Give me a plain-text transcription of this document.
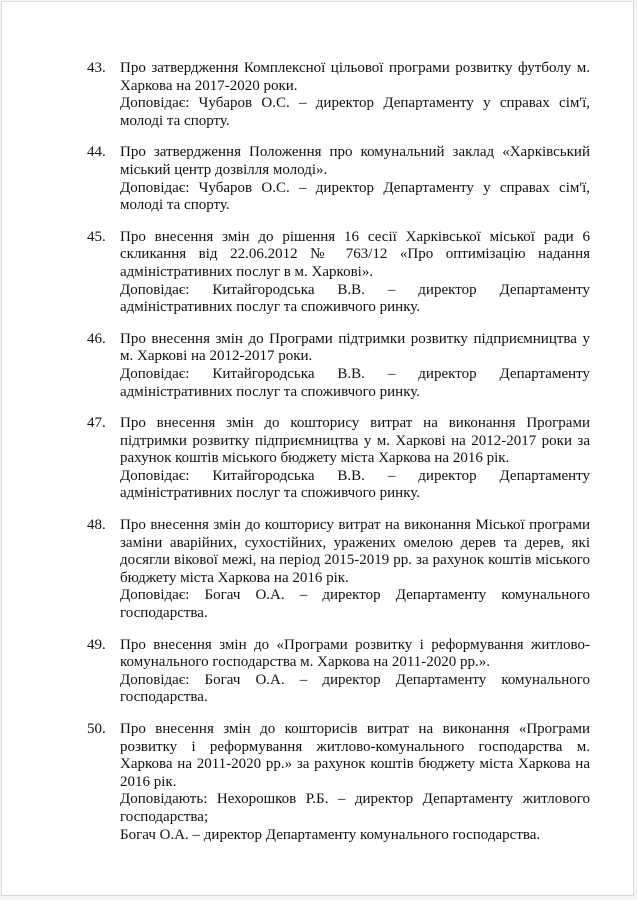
43. Про затвердження Комплексної цільової програми розвитку футболу м. Харкова на 2017-2020 роки.
Доповідає: Чубаров О.С. – директор Департаменту у справах сім'ї, молоді та спорту.
44. Про затвердження Положення про комунальний заклад «Харківський міський центр дозвілля молоді».
Доповідає: Чубаров О.С. – директор Департаменту у справах сім'ї, молоді та спорту.
45. Про внесення змін до рішення 16 сесії Харківської міської ради 6 скликання від 22.06.2012 № 763/12 «Про оптимізацію надання адміністративних послуг в м. Харкові».
Доповідає: Китайгородська В.В. – директор Департаменту адміністративних послуг та споживчого ринку.
46. Про внесення змін до Програми підтримки розвитку підприємництва у м. Харкові на 2012-2017 роки.
Доповідає: Китайгородська В.В. – директор Департаменту адміністративних послуг та споживчого ринку.
47. Про внесення змін до кошторису витрат на виконання Програми підтримки розвитку підприємництва у м. Харкові на 2012-2017 роки за рахунок коштів міського бюджету міста Харкова на 2016 рік.
Доповідає: Китайгородська В.В. – директор Департаменту адміністративних послуг та споживчого ринку.
48. Про внесення змін до кошторису витрат на виконання Міської програми заміни аварійних, сухостійних, уражених омелою дерев та дерев, які досягли вікової межі, на період 2015-2019 рр. за рахунок коштів міського бюджету міста Харкова на 2016 рік.
Доповідає: Богач О.А. – директор Департаменту комунального господарства.
49. Про внесення змін до «Програми розвитку і реформування житлово-комунального господарства м. Харкова на 2011-2020 рр.».
Доповідає: Богач О.А. – директор Департаменту комунального господарства.
50. Про внесення змін до кошторисів витрат на виконання «Програми розвитку і реформування житлово-комунального господарства м. Харкова на 2011-2020 рр.» за рахунок коштів бюджету міста Харкова на 2016 рік.
Доповідають: Нехорошков Р.Б. – директор Департаменту житлового господарства;
Богач О.А. – директор Департаменту комунального господарства.
